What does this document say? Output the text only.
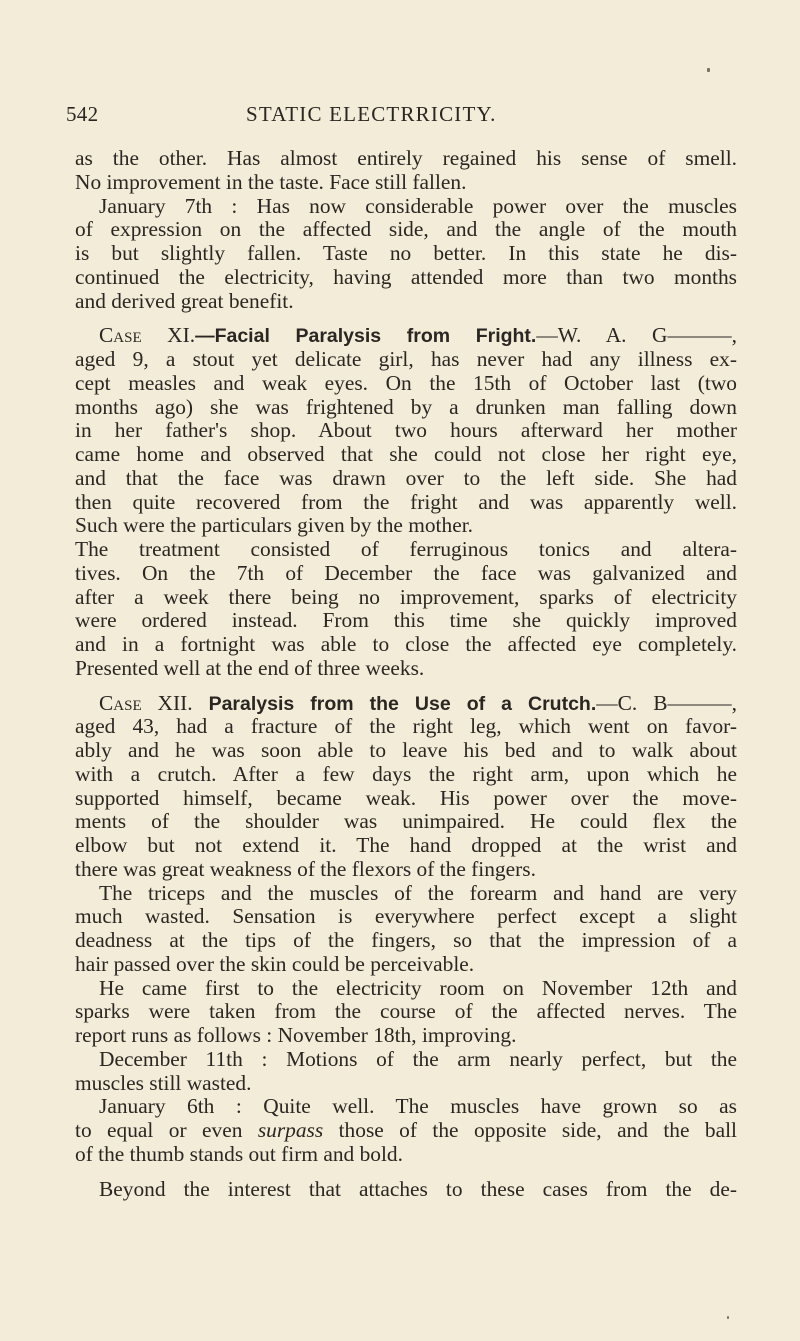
542	STATIC ELECTRRICITY.
as the other. Has almost entirely regained his sense of smell.
No improvement in the taste. Face still fallen.
January 7th : Has now considerable power over the muscles
of expression on the affected side, and the angle of the mouth
is but slightly fallen. Taste no better. In this state he dis-
continued the electricity, having attended more than two months
and derived great benefit.
Case XI.—Facial Paralysis from Fright.—W. A. G———,
aged 9, a stout yet delicate girl, has never had any illness ex-
cept measles and weak eyes. On the 15th of October last (two
months ago) she was frightened by a drunken man falling down
in her father's shop. About two hours afterward her mother
came home and observed that she could not close her right eye,
and that the face was drawn over to the left side. She had
then quite recovered from the fright and was apparently well.
Such were the particulars given by the mother.
The treatment consisted of ferruginous tonics and altera-
tives. On the 7th of December the face was galvanized and
after a week there being no improvement, sparks of electricity
were ordered instead. From this time she quickly improved
and in a fortnight was able to close the affected eye completely.
Presented well at the end of three weeks.
Case XII. Paralysis from the Use of a Crutch.—C. B———,
aged 43, had a fracture of the right leg, which went on favor-
ably and he was soon able to leave his bed and to walk about
with a crutch. After a few days the right arm, upon which he
supported himself, became weak. His power over the move-
ments of the shoulder was unimpaired. He could flex the
elbow but not extend it. The hand dropped at the wrist and
there was great weakness of the flexors of the fingers.
The triceps and the muscles of the forearm and hand are very
much wasted. Sensation is everywhere perfect except a slight
deadness at the tips of the fingers, so that the impression of a
hair passed over the skin could be perceivable.
He came first to the electricity room on November 12th and
sparks were taken from the course of the affected nerves. The
report runs as follows : November 18th, improving.
December 11th : Motions of the arm nearly perfect, but the
muscles still wasted.
January 6th : Quite well. The muscles have grown so as
to equal or even surpass those of the opposite side, and the ball
of the thumb stands out firm and bold.
Beyond the interest that attaches to these cases from the de-
